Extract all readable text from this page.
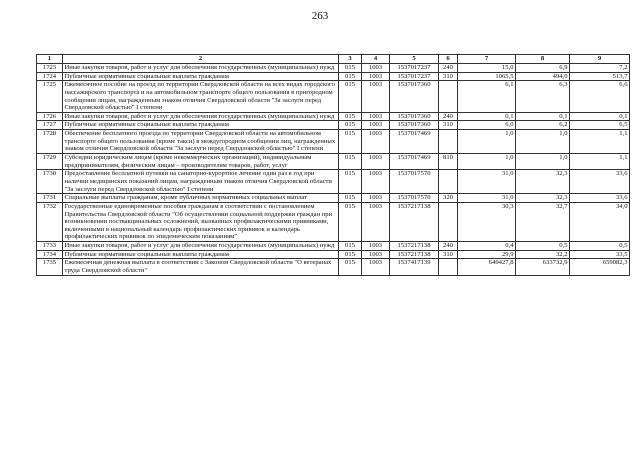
263
1	2	3	4	5	6	7	8	9
1723	Иные закупки товаров, работ и услуг для обеспечения государственных (муниципальных) нужд	015	1003	1537017237	240	15,0	6,9	7,2
1724	Публичные нормативные социальные выплаты гражданам	015	1003	1537017237	310	1065,5	494,0	513,7
1725	Ежемесячное пособие на проезд по территории Свердловской области на всех видах городского пассажирского транспорта и на автомобильном транспорте общего пользования в пригородном сообщении лицам, награжденным знаком отличия Свердловской области "За заслуги перед Свердловской областью" I степени	015	1003	1537017360		6,1	6,3	6,6
1726	Иные закупки товаров, работ и услуг для обеспечения государственных (муниципальных) нужд	015	1003	1537017360	240	0,1	0,1	0,1
1727	Публичные нормативные социальные выплаты гражданам	015	1003	1537017360	310	6,0	6,2	6,5
1728	Обеспечение бесплатного проезда по территории Свердловской области на автомобильном транспорте общего пользования (кроме такси) в междугородном сообщении лиц, награжденных знаком отличия Свердловской области "За заслуги перед Свердловской областью" I степени	015	1003	1537017469		1,0	1,0	1,1
1729	Субсидии юридическим лицам (кроме некоммерческих организаций), индивидуальным предпринимателям, физическим лицам – производителям товаров, работ, услуг	015	1003	1537017469	810	1,0	1,0	1,1
1730	Предоставление бесплатной путевки на санаторно-курортное лечение один раз в год при наличии медицинских показаний лицам, награжденным знаком отличия Свердловской области "За заслуги перед Свердловской областью" I степени	015	1003	1537017570		31,0	32,3	33,6
1731	Социальные выплаты гражданам, кроме публичных нормативных социальных выплат	015	1003	1537017570	320	31,0	32,3	33,6
1732	Государственные единовременные пособия гражданам в соответствии с постановлением Правительства Свердловской области "Об осуществлении социальной поддержки граждан при возникновении поствакцинальных осложнений, вызванных профилактическими прививками, включенными в национальный календарь профилактических прививок и календарь профилактических прививок по эпидемическим показаниям"	015	1003	1537217138		30,3	32,7	34,0
1733	Иные закупки товаров, работ и услуг для обеспечения государственных (муниципальных) нужд	015	1003	1537217138	240	0,4	0,5	0,5
1734	Публичные нормативные социальные выплаты гражданам	015	1003	1537217138	310	29,9	32,2	33,5
1735	Ежемесячная денежная выплата в соответствии с Законом Свердловской области "О ветеранах труда Свердловской области"	015	1003	1537417139		649427,8	633732,9	659082,3
